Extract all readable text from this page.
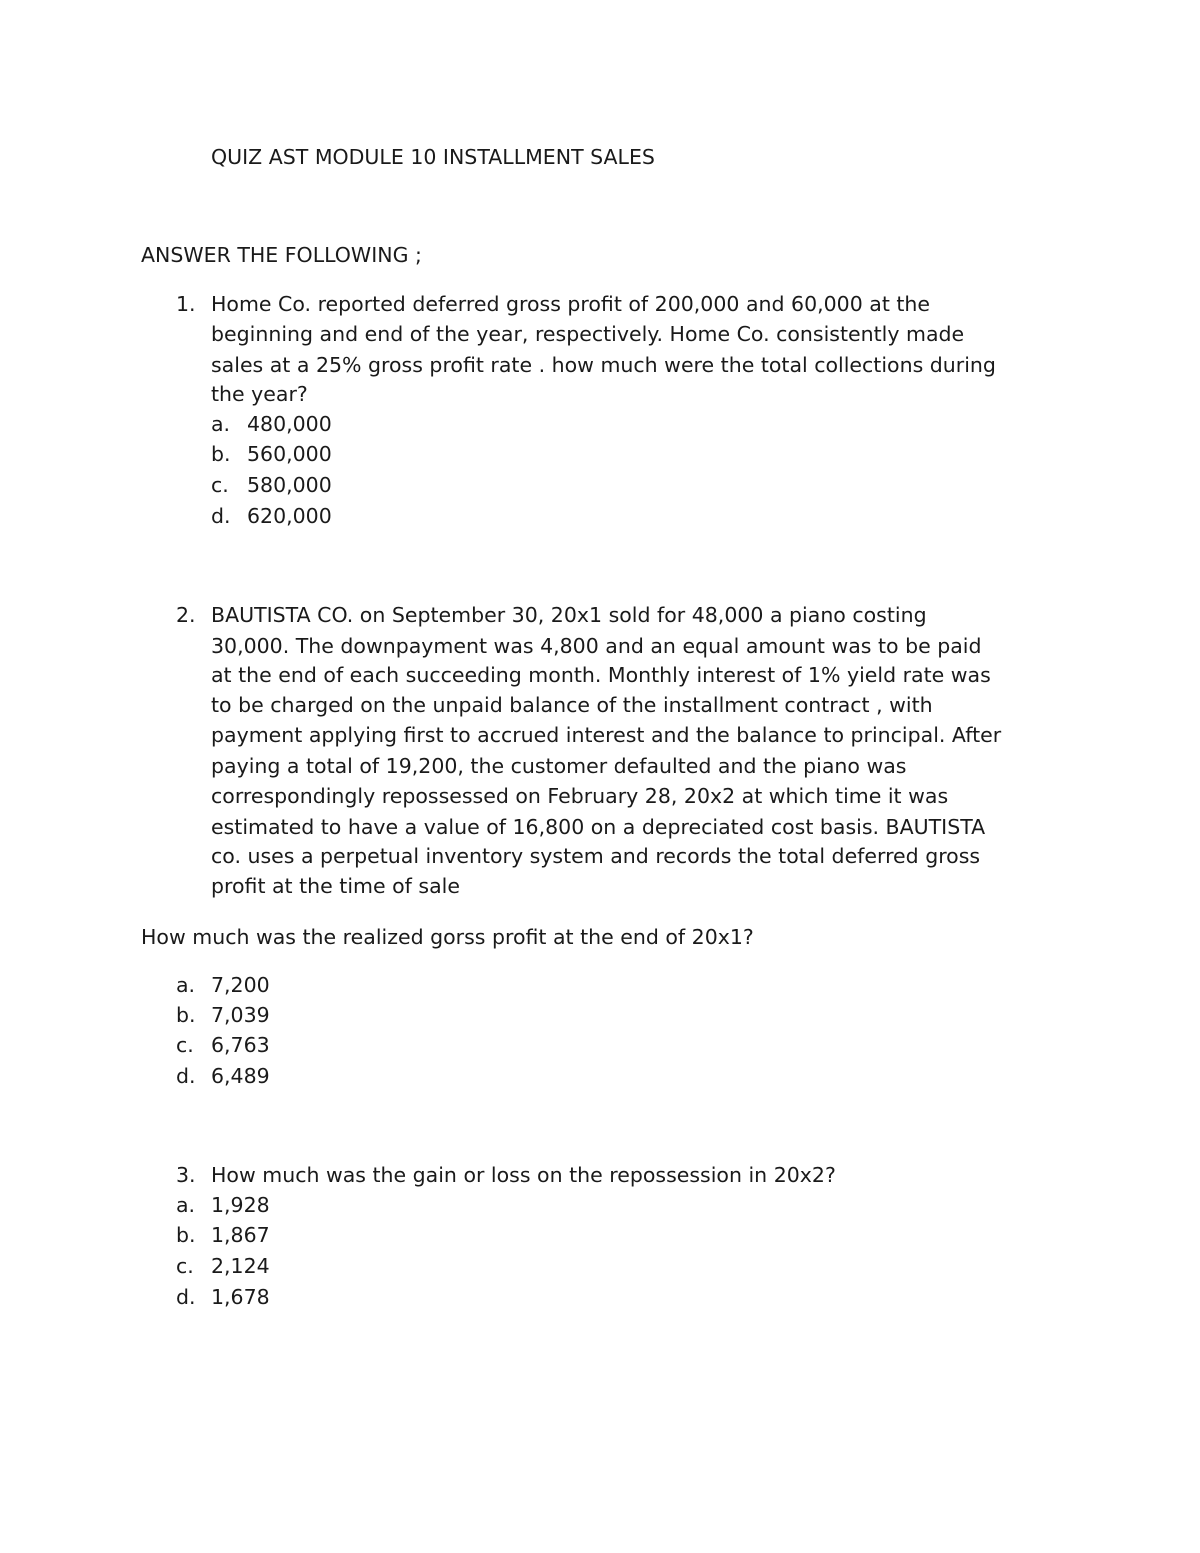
QUIZ AST MODULE 10 INSTALLMENT SALES
ANSWER THE FOLLOWING ;
1. Home Co. reported deferred gross profit of 200,000 and 60,000 at the
beginning and end of the year, respectively. Home Co. consistently made
sales at a 25% gross profit rate . how much were the total collections during
the year?
a. 480,000
b. 560,000
c. 580,000
d. 620,000
2. BAUTISTA CO. on September 30, 20x1 sold for 48,000 a piano costing
30,000. The downpayment was 4,800 and an equal amount was to be paid
at the end of each succeeding month. Monthly interest of 1% yield rate was
to be charged on the unpaid balance of the installment contract , with
payment applying first to accrued interest and the balance to principal. After
paying a total of 19,200, the customer defaulted and the piano was
correspondingly repossessed on February 28, 20x2 at which time it was
estimated to have a value of 16,800 on a depreciated cost basis. BAUTISTA
co. uses a perpetual inventory system and records the total deferred gross
profit at the time of sale
How much was the realized gorss profit at the end of 20x1?
a. 7,200
b. 7,039
c. 6,763
d. 6,489
3. How much was the gain or loss on the repossession in 20x2?
a. 1,928
b. 1,867
c. 2,124
d. 1,678
